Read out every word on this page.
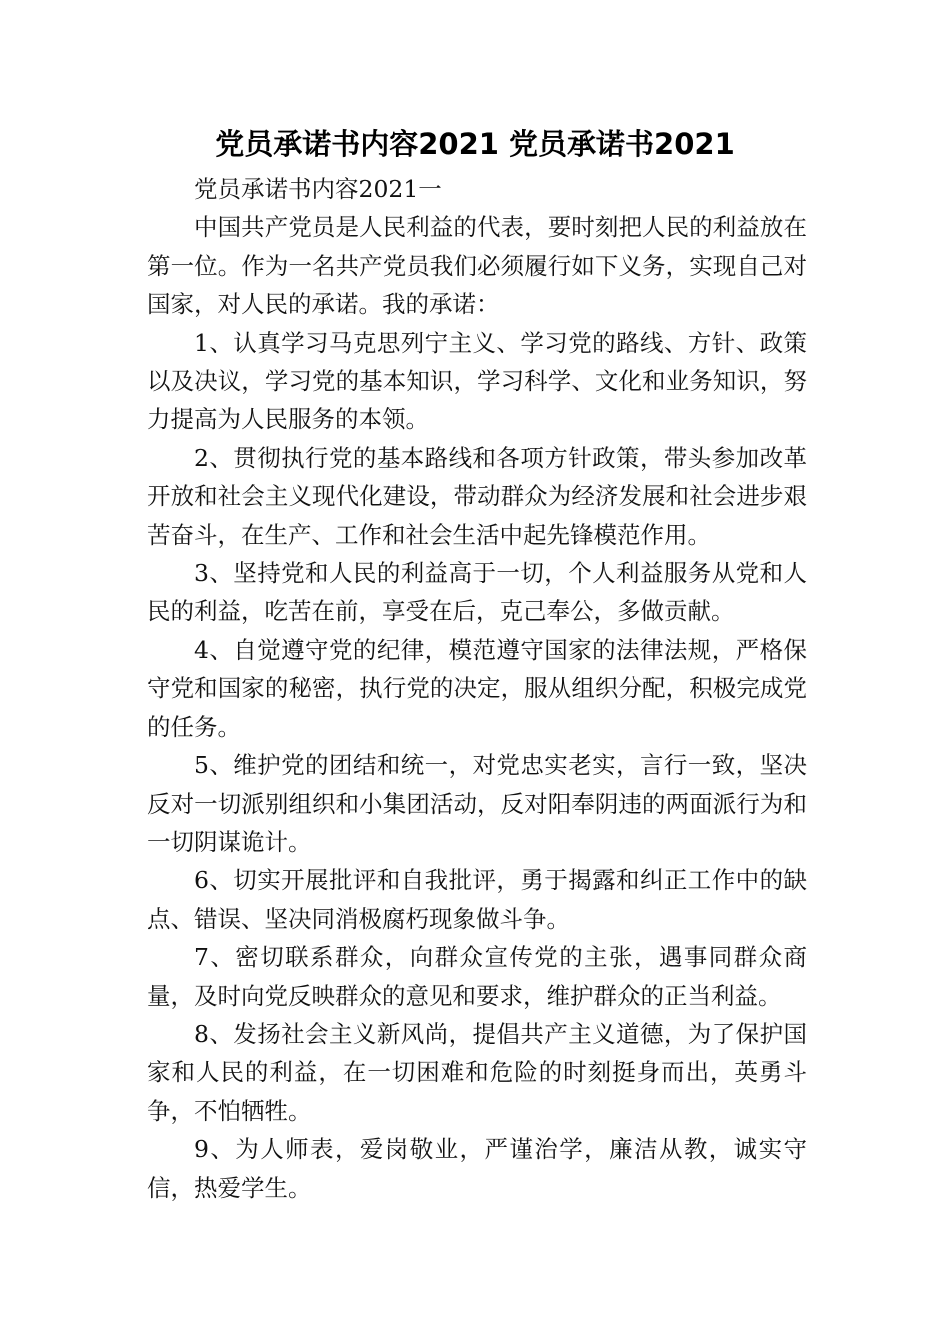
党员承诺书内容2021 党员承诺书2021

党员承诺书内容2021一

中国共产党员是人民利益的代表，要时刻把人民的利益放在第一位。作为一名共产党员我们必须履行如下义务，实现自己对国家，对人民的承诺。我的承诺：

1、认真学习马克思列宁主义、学习党的路线、方针、政策以及决议，学习党的基本知识，学习科学、文化和业务知识，努力提高为人民服务的本领。

2、贯彻执行党的基本路线和各项方针政策，带头参加改革开放和社会主义现代化建设，带动群众为经济发展和社会进步艰苦奋斗，在生产、工作和社会生活中起先锋模范作用。

3、坚持党和人民的利益高于一切，个人利益服务从党和人民的利益，吃苦在前，享受在后，克己奉公，多做贡献。

4、自觉遵守党的纪律，模范遵守国家的法律法规，严格保守党和国家的秘密，执行党的决定，服从组织分配，积极完成党的任务。

5、维护党的团结和统一，对党忠实老实，言行一致，坚决反对一切派别组织和小集团活动，反对阳奉阴违的两面派行为和一切阴谋诡计。

6、切实开展批评和自我批评，勇于揭露和纠正工作中的缺点、错误、坚决同消极腐朽现象做斗争。

7、密切联系群众，向群众宣传党的主张，遇事同群众商量，及时向党反映群众的意见和要求，维护群众的正当利益。

8、发扬社会主义新风尚，提倡共产主义道德，为了保护国家和人民的利益，在一切困难和危险的时刻挺身而出，英勇斗争，不怕牺牲。

9、为人师表，爱岗敬业，严谨治学，廉洁从教，诚实守信，热爱学生。
